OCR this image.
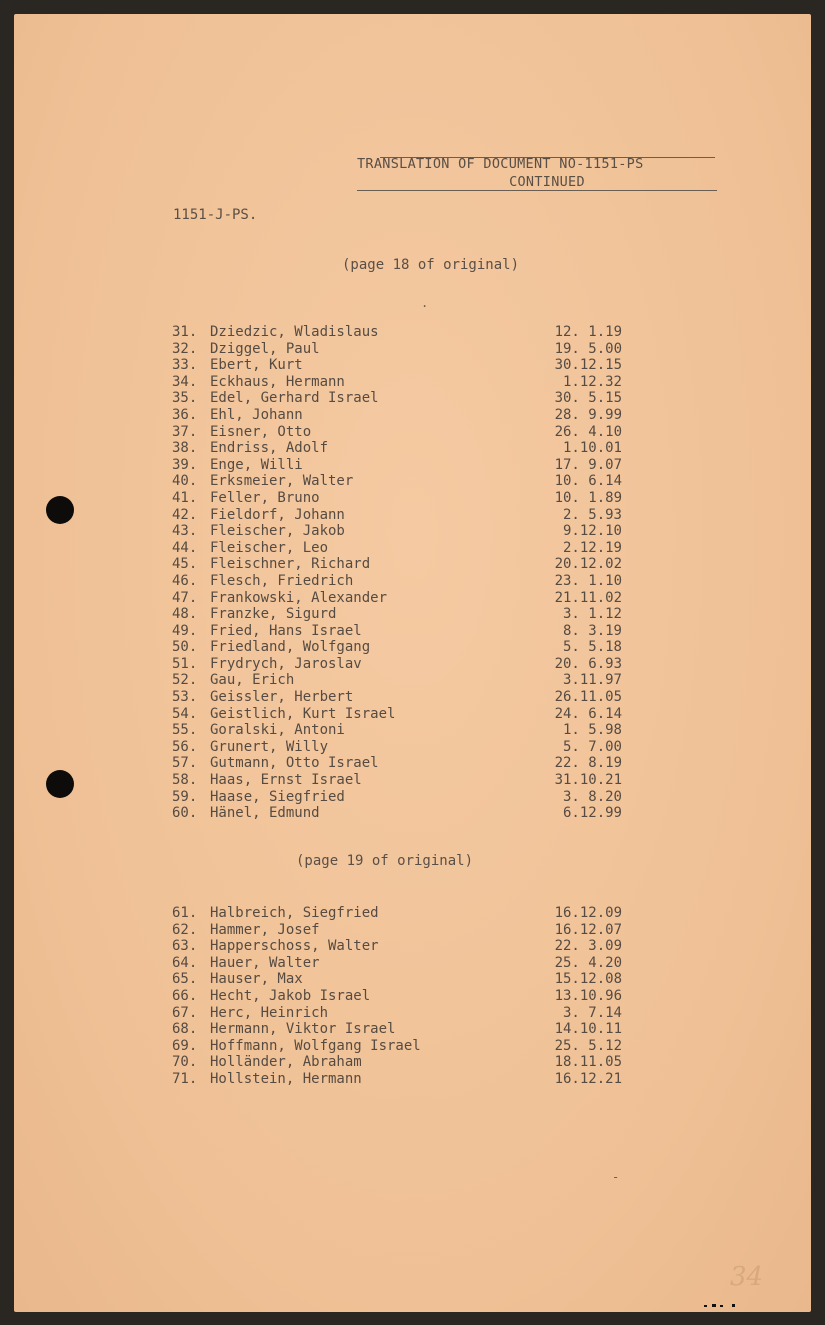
TRANSLATION OF DOCUMENT NO-1151-PS
CONTINUED
1151-J-PS.
(page 18 of original)
.
31. Dziedzic, Wladislaus	12. 1.19
32. Dziggel, Paul	19. 5.00
33. Ebert, Kurt	30.12.15
34. Eckhaus, Hermann	1.12.32
35. Edel, Gerhard Israel	30. 5.15
36. Ehl, Johann	28. 9.99
37. Eisner, Otto	26. 4.10
38. Endriss, Adolf	1.10.01
39. Enge, Willi	17. 9.07
40. Erksmeier, Walter	10. 6.14
41. Feller, Bruno	10. 1.89
42. Fieldorf, Johann	2. 5.93
43. Fleischer, Jakob	9.12.10
44. Fleischer, Leo	2.12.19
45. Fleischner, Richard	20.12.02
46. Flesch, Friedrich	23. 1.10
47. Frankowski, Alexander	21.11.02
48. Franzke, Sigurd	3. 1.12
49. Fried, Hans Israel	8. 3.19
50. Friedland, Wolfgang	5. 5.18
51. Frydrych, Jaroslav	20. 6.93
52. Gau, Erich	3.11.97
53. Geissler, Herbert	26.11.05
54. Geistlich, Kurt Israel	24. 6.14
55. Goralski, Antoni	1. 5.98
56. Grunert, Willy	5. 7.00
57. Gutmann, Otto Israel	22. 8.19
58. Haas, Ernst Israel	31.10.21
59. Haase, Siegfried	3. 8.20
60. Hänel, Edmund	6.12.99
(page 19 of original)
61. Halbreich, Siegfried	16.12.09
62. Hammer, Josef	16.12.07
63. Happerschoss, Walter	22. 3.09
64. Hauer, Walter	25. 4.20
65. Hauser, Max	15.12.08
66. Hecht, Jakob Israel	13.10.96
67. Herc, Heinrich	3. 7.14
68. Hermann, Viktor Israel	14.10.11
69. Hoffmann, Wolfgang Israel	25. 5.12
70. Holländer, Abraham	18.11.05
71. Hollstein, Hermann	16.12.21
-
34
